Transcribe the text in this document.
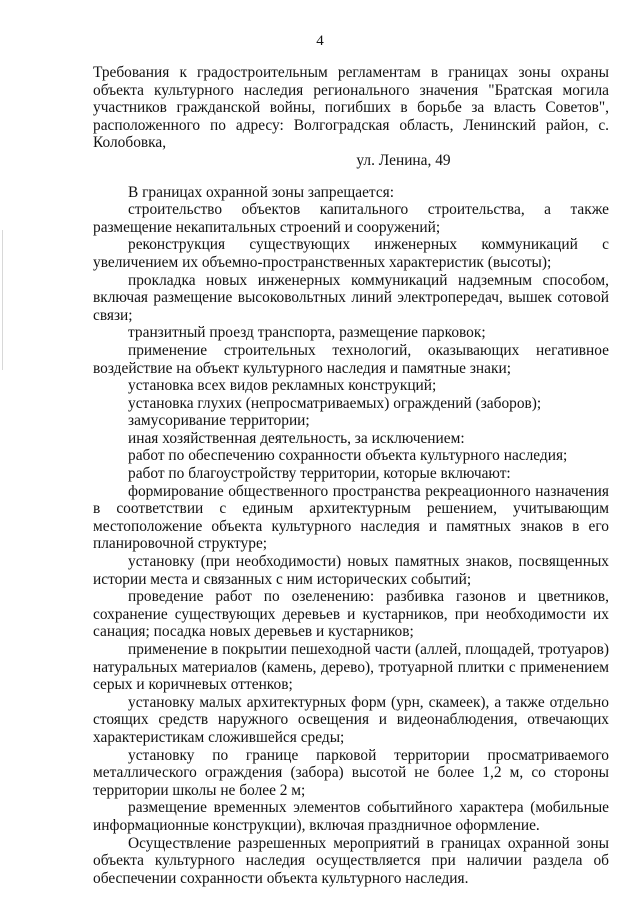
4

Требования к градостроительным регламентам в границах зоны охраны объекта культурного наследия регионального значения "Братская могила участников гражданской войны, погибших в борьбе за власть Советов", расположенного по адресу: Волгоградская область, Ленинский район, с. Колобовка,

ул. Ленина, 49

В границах охранной зоны запрещается:

строительство объектов капитального строительства, а также размещение некапитальных строений и сооружений;

реконструкция существующих инженерных коммуникаций с увеличением их объемно-пространственных характеристик (высоты);

прокладка новых инженерных коммуникаций надземным способом, включая размещение высоковольтных линий электропередач, вышек сотовой связи;

транзитный проезд транспорта, размещение парковок;

применение строительных технологий, оказывающих негативное воздействие на объект культурного наследия и памятные знаки;

установка всех видов рекламных конструкций;

установка глухих (непросматриваемых) ограждений (заборов);

замусоривание территории;

иная хозяйственная деятельность, за исключением:

работ по обеспечению сохранности объекта культурного наследия;

работ по благоустройству территории, которые включают:

формирование общественного пространства рекреационного назначения в соответствии с единым архитектурным решением, учитывающим местоположение объекта культурного наследия и памятных знаков в его планировочной структуре;

установку (при необходимости) новых памятных знаков, посвященных истории места и связанных с ним исторических событий;

проведение работ по озеленению: разбивка газонов и цветников, сохранение существующих деревьев и кустарников, при необходимости их санация; посадка новых деревьев и кустарников;

применение в покрытии пешеходной части (аллей, площадей, тротуаров) натуральных материалов (камень, дерево), тротуарной плитки с применением серых и коричневых оттенков;

установку малых архитектурных форм (урн, скамеек), а также отдельно стоящих средств наружного освещения и видеонаблюдения, отвечающих характеристикам сложившейся среды;

установку по границе парковой территории просматриваемого металлического ограждения (забора) высотой не более 1,2 м, со стороны территории школы не более 2 м;

размещение временных элементов событийного характера (мобильные информационные конструкции), включая праздничное оформление.

Осуществление разрешенных мероприятий в границах охранной зоны объекта культурного наследия осуществляется при наличии раздела об обеспечении сохранности объекта культурного наследия.
